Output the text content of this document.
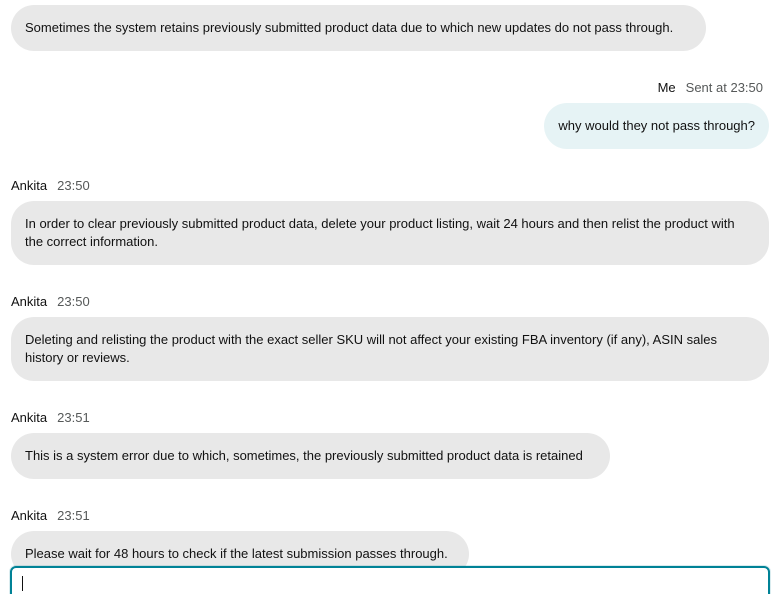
Sometimes the system retains previously submitted product data due to which new updates do not pass through.
Me Sent at 23:50
why would they not pass through?
Ankita 23:50
In order to clear previously submitted product data, delete your product listing, wait 24 hours and then relist the product with the correct information.
Ankita 23:50
Deleting and relisting the product with the exact seller SKU will not affect your existing FBA inventory (if any), ASIN sales history or reviews.
Ankita 23:51
This is a system error due to which, sometimes, the previously submitted product data is retained
Ankita 23:51
Please wait for 48 hours to check if the latest submission passes through.
